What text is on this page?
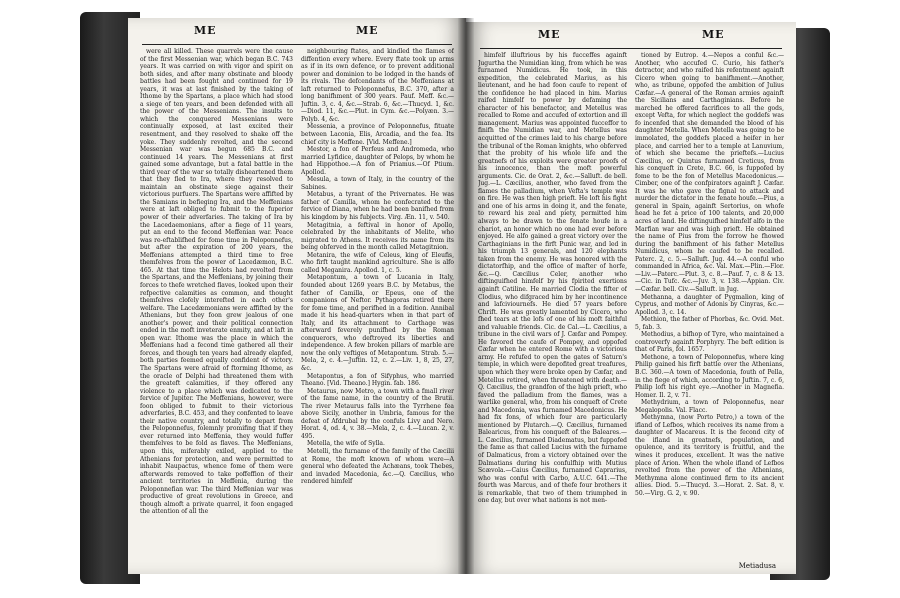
ME	ME

were all killed. These quarrels were the cause of the first Messenian war, which began B.C. 743 years. It was carried on with vigor and spirit on both sides, and after many obstinate and bloody battles had been fought and continued for 19 years, it was at last finished by the taking of Ithome by the Spartans, a place which had stood a siege of ten years, and been defended with all the power of the Messenians. The insults to which the conquered Messenians were continually exposed, at last excited their resentment, and they resolved to shake off the yoke. They suddenly revolted, and the second Messenian war was begun 685 B.C. and continued 14 years. The Messenians at first gained some advantage, but a fatal battle in the third year of the war so totally disheartened them that they fled to Ira, where they resolved to maintain an obstinate siege against their victorious purfuers. The Spartans were affifted by the Samians in befieging Ira, and the Meffenians were at laft obliged to fubmit to the fuperior power of their adverfaries. The taking of Ira by the Lacedaemonians, after a fiege of 11 years, put an end to the fecond Meffenian war. Peace was re-eftablifhed for fome time in Peloponnefus, but after the expiration of 200 years, the Meffenians attempted a third time to free themfelves from the power of Lacedæmon, B.C. 465. At that time the Helots had revolted from the Spartans, and the Meffenians, by joining their forces to thefe wretched flaves, looked upon their refpective calamities as common, and thought themfelves clofely interefted in each other's welfare. The Lacedæmonians were affifted by the Athenians, but they foon grew jealous of one another's power, and their political connection ended in the moft inveterate enmity, and at laft in open war. Ithome was the place in which the Meffenians had a fecond time gathered all their forces, and though ten years had already elapfed, both parties feemed equally confident of victory. The Spartans were afraid of ftorming Ithome, as the oracle of Delphi had threatened them with the greateft calamities, if they offered any violence to a place which was dedicated to the fervice of Jupiter. The Meffenians, however, were foon obliged to fubmit to their victorious adverfaries, B.C. 453, and they confented to leave their native country, and totally to depart from the Peloponnefus, folemnly promifing that if they ever returned into Meffenia, they would fuffer themfelves to be fold as flaves. The Meffenians, upon this, miferably exiled, applied to the Athenians for protection, and were permitted to inhabit Naupactus, whence fome of them were afterwards removed to take poffeffion of their ancient territories in Meffenia, during the Peloponnefian war. The third Meffenian war was productive of great revolutions in Greece, and though almoft a private quarrel, it foon engaged the attention of all the

neighbouring ftates, and kindled the flames of diffention every where. Every ftate took up arms as if in its own defence, or to prevent additional power and dominion to be lodged in the hands of its rivals. The defcendants of the Meffenians at laft returned to Peloponnefus, B.C. 370, after a long banifhment of 300 years. Pauf. Meff. &c.—Juftin. 3, c. 4, &c.—Strab. 6, &c.—Thucyd. 1, &c.—Diod. 11, &c.—Plut. in Cym. &c.—Polyæn. 3.—Polyb. 4, &c.

Messenia, a province of Peloponnefus, fituate between Laconia, Elis, Arcadia, and the fea. Its chief city is Meffene. [Vid. Meffene.]

Mestor, a fon of Perfeus and Andromeda, who married Lyfidice, daughter of Pelops, by whom he had Hippothoe.—A fon of Priamus.—Of Ptium. Apollod.

Mesula, a town of Italy, in the country of the Sabines.

Metabus, a tyrant of the Privernates. He was father of Camilla, whom he confecrated to the fervice of Diana, when he had been banifhed from his kingdom by his fubjects. Virg. Æn. 11, v. 540.

Metagitnia, a feftival in honor of Apollo, celebrated by the inhabitants of Melite, who migrated to Athens. It receives its name from its being obferved in the month called Metagitnion.

Metanira, the wife of Celeus, king of Eleufis, who firft taught mankind agriculture. She is alfo called Meganira. Apollod. 1, c. 5.

Metapontum, a town of Lucania in Italy, founded about 1269 years B.C. by Metabus, the father of Camilla, or Epeus, one of the companions of Neftor. Pythagoras retired there for fome time, and perifhed in a fedition. Annibal made it his head-quarters when in that part of Italy, and its attachment to Carthage was afterward feverely punifhed by the Roman conquerors, who deftroyed its liberties and independence. A few broken pillars of marble are now the only veftiges of Metapontum. Strab. 5.—Mela, 2, c. 4.—Juftin. 12, c. 2.—Liv. 1, 8, 25, 27, &c.

Metapontus, a fon of Sifyphus, who married Theano. [Vid. Theano.] Hygin. fab. 186.

Metaurus, now Metro, a town with a fmall river of the fame name, in the country of the Brutii. The river Metaurus falls into the Tyrrhene fea above Sicily, another in Umbria, famous for the defeat of Afdrubal by the confuls Livy and Nero. Horat. 4, od. 4, v. 38.—Mela, 2, c. 4.—Lucan. 2, v. 495.

Metella, the wife of Sylla.

Metelli, the furname of the family of the Cæcilii at Rome, the moft known of whom were—A general who defeated the Achæans, took Thebes, and invaded Macedonia, &c.—Q. Cæcilius, who rendered himfelf

ME	ME

himfelf illuftrious by his fucceffes againft Jugurtha the Numidian king, from which he was furnamed Numidicus. He took, in this expedition, the celebrated Marius, as his lieutenant, and he had foon caufe to repent of the confidence he had placed in him. Marius raifed himfelf to power by defaming the character of his benefactor, and Metellus was recalled to Rome and accufed of extortion and ill management. Marius was appointed fucceffor to finifh the Numidian war, and Metellus was acquitted of the crimes laid to his charge before the tribunal of the Roman knights, who obferved that the probity of his whole life and the greatnefs of his exploits were greater proofs of his innocence, than the moft powerful arguments. Cic. de Orat. 2, &c.—Salluft. de bell. Jug.—L. Cæcilius, another, who faved from the flames the palladium, when Vefta's temple was on fire. He was then high prieft. He loft his fight and one of his arms in doing it, and the fenate, to reward his zeal and piety, permitted him always to be drawn to the fenate houfe in a chariot, an honor which no one had ever before enjoyed. He alfo gained a great victory over the Carthaginians in the firft Punic war, and led in his triumph 13 generals, and 120 elephants taken from the enemy. He was honored with the dictatorfhip, and the office of mafter of horfe, &c.—Q. Cæcilius Celer, another who diftinguifhed himfelf by his fpirited exertions againft Catiline. He married Clodia the fifter of Clodius, who difgraced him by her incontinence and lafciviournefs. He died 57 years before Chrift. He was greatly lamented by Cicero, who fhed tears at the lofs of one of his moft faithful and valuable friends. Cic. de Cal.—L. Cæcilius, a tribune in the civil wars of J. Cæfar and Pompey. He favored the caufe of Pompey, and oppofed Cæfar when he entered Rome with a victorious army. He refufed to open the gates of Saturn's temple, in which were depofited great treafures, upon which they were broke open by Cæfar, and Metellus retired, when threatened with death.—Q. Cæcilius, the grandfon of the high prieft, who faved the palladium from the flames, was a warlike general, who, from his conqueft of Crete and Macedonia, was furnamed Macedonicus. He had fix fons, of which four are particularly mentioned by Plutarch.—Q. Cæcilius, furnamed Balearicus, from his conqueft of the Baleares.—L. Cæcilius, furnamed Diadematus, but fuppofed the fame as that called Lucius with the furname of Dalmaticus, from a victory obtained over the Dalmatians during his confulfhip with Mutius Scævola.—Caius Cæcilius, furnamed Caprarius, who was conful with Carbo, A.U.C. 641.—The fourth was Marcus, and of thefe four brothers it is remarkable, that two of them triumphed in one day, but over what nations is not men-

tioned by Eutrop. 4.—Nepos a conful &c.—Another, who accufed C. Curio, his father's detractor, and who raifed his refentment againft Cicero when going to banifhment.—Another, who, as tribune, oppofed the ambition of Julius Cæfar.—A general of the Roman armies againft the Sicilians and Carthaginians. Before he marched he offered facrifices to all the gods, except Vefta, for which neglect the goddefs was fo incenfed that she demanded the blood of his daughter Metella. When Metella was going to be immolated, the goddefs placed a heifer in her place, and carried her to a temple at Lanuvium, of which she became the prieftefs.—Lucius Cæcilius, or Quintus furnamed Creticus, from his conqueft in Crete, B.C. 66, is fuppofed by fome to be the fon of Metellus Macedonicus.—Cimber, one of the confpirators againft J. Cæfar. It was he who gave the fignal to attack and murder the dictator in the fenate houfe.—Pius, a general in Spain, againft Sertorius, on whofe head he fet a price of 100 talents, and 20,000 acres of land. He diftinguifhed himfelf alfo in the Marfian war and was high prieft. He obtained the name of Pius from the forrow he fhowed during the banifhment of his father Metellus Numidicus, whom he caufed to be recalled. Paterc. 2, c. 5.—Salluft. Jug. 44.—A conful who commanded in Africa, &c. Val. Max.—Plin.—Flor.—Liv.—Paterc.—Plut. 3, c. 8.—Pauf. 7, c. 8 & 13.—Cic. in Tufc. &c.—Juv. 3, v. 138.—Appian. Civ.—Cæfar. bell. Civ.—Salluft. in Jug.

Methanna, a daughter of Pygmalion, king of Cyprus, and mother of Adonis by Cinyras, &c.—Apollod. 3, c. 14.

Methion, the father of Phorbas, &c. Ovid. Met. 5, fab. 3.

Methodius, a bifhop of Tyre, who maintained a controverfy againft Porphyry. The beft edition is that of Paris, fol. 1657.

Methone, a town of Peloponnefus, where king Philip gained his firft battle over the Athenians, B.C. 360.—A town of Macedonia, fouth of Pella, in the fiege of which, according to Juftin. 7, c. 6, Philip loft his right eye.—Another in Magnefia. Homer. Il. 2, v. 71.

Methydrium, a town of Peloponnefus, near Megalopolis. Val. Flacc.

Methymna, (now Porto Petro,) a town of the ifland of Lefbos, which receives its name from a daughter of Macareus. It is the fecond city of the ifland in greatnefs, population, and opulence, and its territory is fruitful, and the wines it produces, excellent. It was the native place of Arion. When the whole ifland of Lefbos revolted from the power of the Athenians, Methymna alone continued firm to its ancient allies. Diod. 5.—Thucyd. 3.—Horat. 2. Sat. 8, v. 50.—Virg. G. 2, v. 90.

Metiadusa
